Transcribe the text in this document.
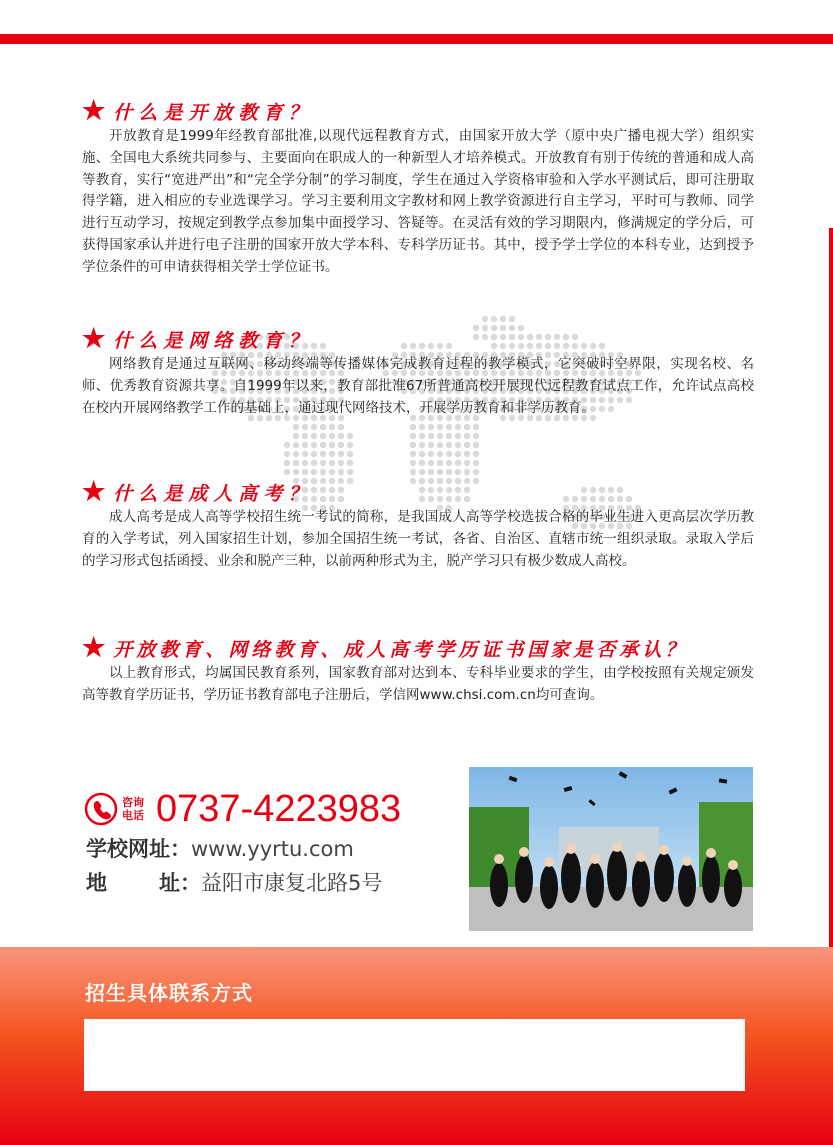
★ 什么是开放教育？
开放教育是1999年经教育部批准,以现代远程教育方式，由国家开放大学（原中央广播电视大学）组织实施、全国电大系统共同参与、主要面向在职成人的一种新型人才培养模式。开放教育有别于传统的普通和成人高等教育，实行“宽进严出”和“完全学分制”的学习制度，学生在通过入学资格审验和入学水平测试后，即可注册取得学籍，进入相应的专业选课学习。学习主要利用文字教材和网上教学资源进行自主学习，平时可与教师、同学进行互动学习，按规定到教学点参加集中面授学习、答疑等。在灵活有效的学习期限内，修满规定的学分后，可获得国家承认并进行电子注册的国家开放大学本科、专科学历证书。其中，授予学士学位的本科专业，达到授予学位条件的可申请获得相关学士学位证书。
★ 什么是网络教育？
网络教育是通过互联网、移动终端等传播媒体完成教育过程的教学模式，它突破时空界限，实现名校、名师、优秀教育资源共享。自1999年以来，教育部批准67所普通高校开展现代远程教育试点工作，允许试点高校在校内开展网络教学工作的基础上，通过现代网络技术，开展学历教育和非学历教育。
★ 什么是成人高考？
成人高考是成人高等学校招生统一考试的简称，是我国成人高等学校选拔合格的毕业生进入更高层次学历教育的入学考试，列入国家招生计划，参加全国招生统一考试，各省、自治区、直辖市统一组织录取。录取入学后的学习形式包括函授、业余和脱产三种，以前两种形式为主，脱产学习只有极少数成人高校。
★ 开放教育、网络教育、成人高考学历证书国家是否承认？
以上教育形式，均属国民教育系列，国家教育部对达到本、专科毕业要求的学生，由学校按照有关规定颁发高等教育学历证书，学历证书教育部电子注册后，学信网www.chsi.com.cn均可查询。
咨询
电话 0737-4223983
学校网址：www.yyrtu.com
地址：益阳市康复北路5号
招生具体联系方式
